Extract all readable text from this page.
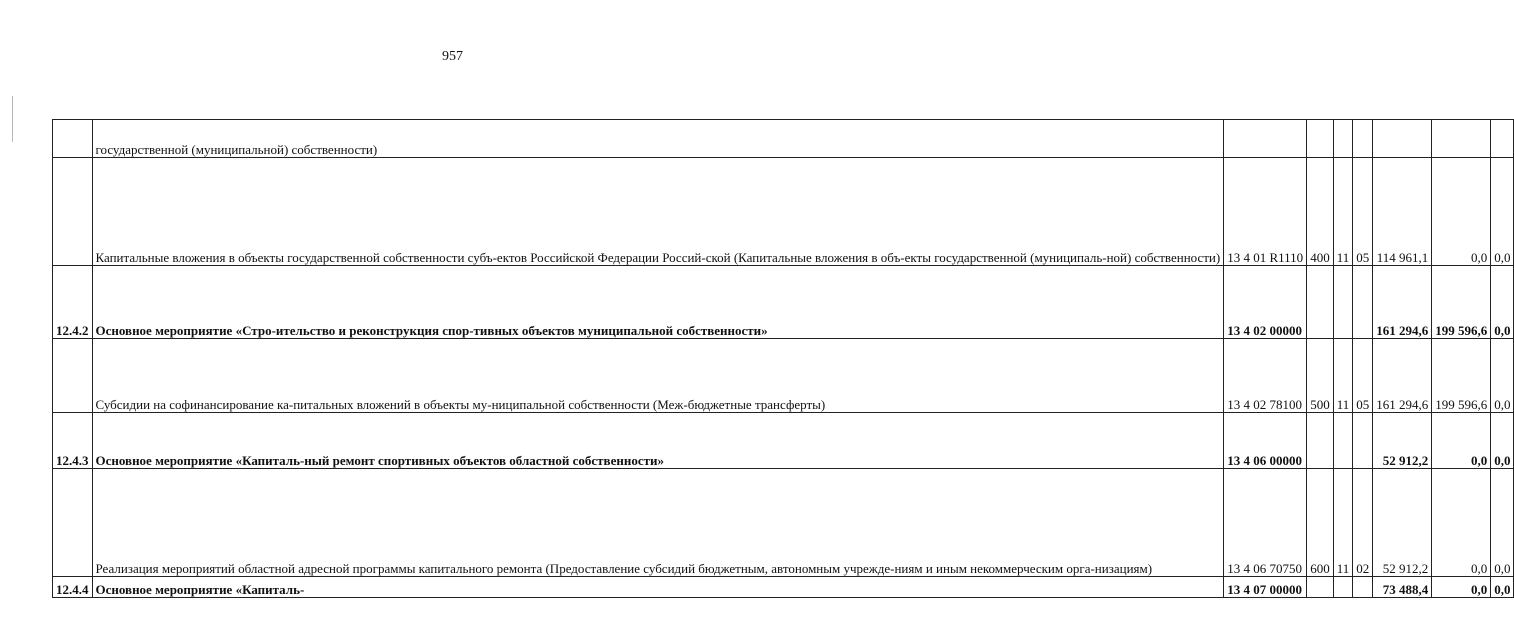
957
	государственной (муниципальной) собственности)							
	Капитальные вложения в объекты государственной собственности субъ-ектов Российской Федерации Россий-ской (Капитальные вложения в объ-екты государственной (муниципаль-ной) собственности)	13 4 01 R1110	400	11	05	114 961,1	0,0	0,0
12.4.2	Основное мероприятие «Стро-ительство и реконструкция спор-тивных объектов муниципальной собственности»	13 4 02 00000				161 294,6	199 596,6	0,0
	Субсидии на софинансирование ка-питальных вложений в объекты му-ниципальной собственности (Меж-бюджетные трансферты)	13 4 02 78100	500	11	05	161 294,6	199 596,6	0,0
12.4.3	Основное мероприятие «Капиталь-ный ремонт спортивных объектов областной собственности»	13 4 06 00000				52 912,2	0,0	0,0
	Реализация мероприятий областной адресной программы капитального ремонта (Предоставление субсидий бюджетным, автономным учрежде-ниям и иным некоммерческим орга-низациям)	13 4 06 70750	600	11	02	52 912,2	0,0	0,0
12.4.4	Основное мероприятие «Капиталь-	13 4 07 00000				73 488,4	0,0	0,0
